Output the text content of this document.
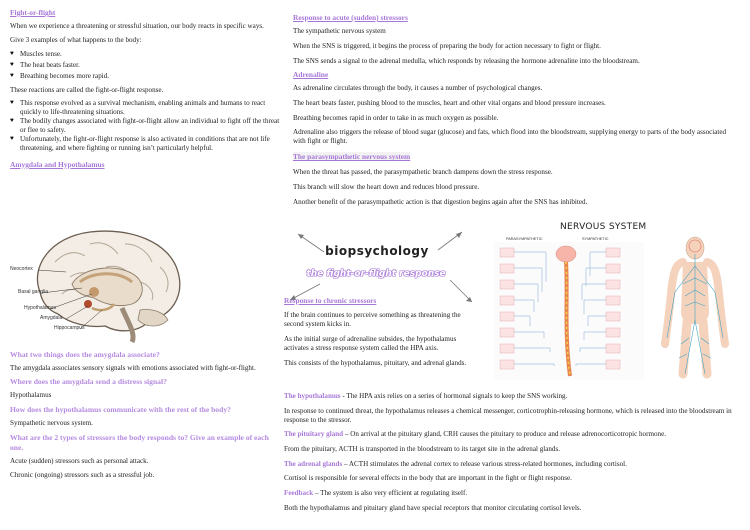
Fight-or-flight
When we experience a threatening or stressful situation, our body reacts in specific ways.
Give 3 examples of what happens to the body:
♥ Muscles tense.
♥ The heat beats faster.
♥ Breathing becomes more rapid.
These reactions are called the fight-or-flight response.
♥ This response evolved as a survival mechanism, enabling animals and humans to react quickly to life-threatening situations.
♥ The bodily changes associated with fight-or-flight allow an individual to fight off the threat or flee to safety.
♥ Unfortunately, the fight-or-flight response is also activated in conditions that are not life threatening, and where fighting or running isn’t particularly helpful.
Amygdala and Hypothalamus
Neocortex
Basal ganglia
Hypothalamus
Amygdala
Hippocampus
What two things does the amygdala associate?
The amygdala associates sensory signals with emotions associated with fight-or-flight.
Where does the amygdala send a distress signal?
Hypothalamus
How does the hypothalamus communicate with the rest of the body?
Sympathetic nervous system.
What are the 2 types of stressors the body responds to? Give an example of each one.
Acute (sudden) stressors such as personal attack.
Chronic (ongoing) stressors such as a stressful job.
Response to acute (sudden) stressors
The sympathetic nervous system
When the SNS is triggered, it begins the process of preparing the body for action necessary to fight or flight.
The SNS sends a signal to the adrenal medulla, which responds by releasing the hormone adrenaline into the bloodstream.
Adrenaline
As adrenaline circulates through the body, it causes a number of psychological changes.
The heart beats faster, pushing blood to the muscles, heart and other vital organs and blood pressure increases.
Breathing becomes rapid in order to take in as much oxygen as possible.
Adrenaline also triggers the release of blood sugar (glucose) and fats, which flood into the bloodstream, supplying energy to parts of the body associated with fight or flight.
The parasympathetic nervous system
When the threat has passed, the parasympathetic branch dampens down the stress response.
This branch will slow the heart down and reduces blood pressure.
Another benefit of the parasympathetic action is that digestion begins again after the SNS has inhibited.
biopsychology
the fight-or-flight response
NERVOUS SYSTEM
PARASYMPATHETIC	SYMPATHETIC
Response to chronic stressors
If the brain continues to perceive something as threatening the second system kicks in.
As the initial surge of adrenaline subsides, the hypothalamus activates a stress response system called the HPA axis.
This consists of the hypothalamus, pituitary, and adrenal glands.
The hypothalamus - The HPA axis relies on a series of hormonal signals to keep the SNS working.
In response to continued threat, the hypothalamus releases a chemical messenger, corticotrophin-releasing hormone, which is released into the bloodstream in response to the stressor.
The pituitary gland – On arrival at the pituitary gland, CRH causes the pituitary to produce and release adrenocorticotropic hormone.
From the pituitary, ACTH is transported in the bloodstream to its target site in the adrenal glands.
The adrenal glands – ACTH stimulates the adrenal cortex to release various stress-related hormones, including cortisol.
Cortisol is responsible for several effects in the body that are important in the fight or flight response.
Feedback – The system is also very efficient at regulating itself.
Both the hypothalamus and pituitary gland have special receptors that monitor circulating cortisol levels.
